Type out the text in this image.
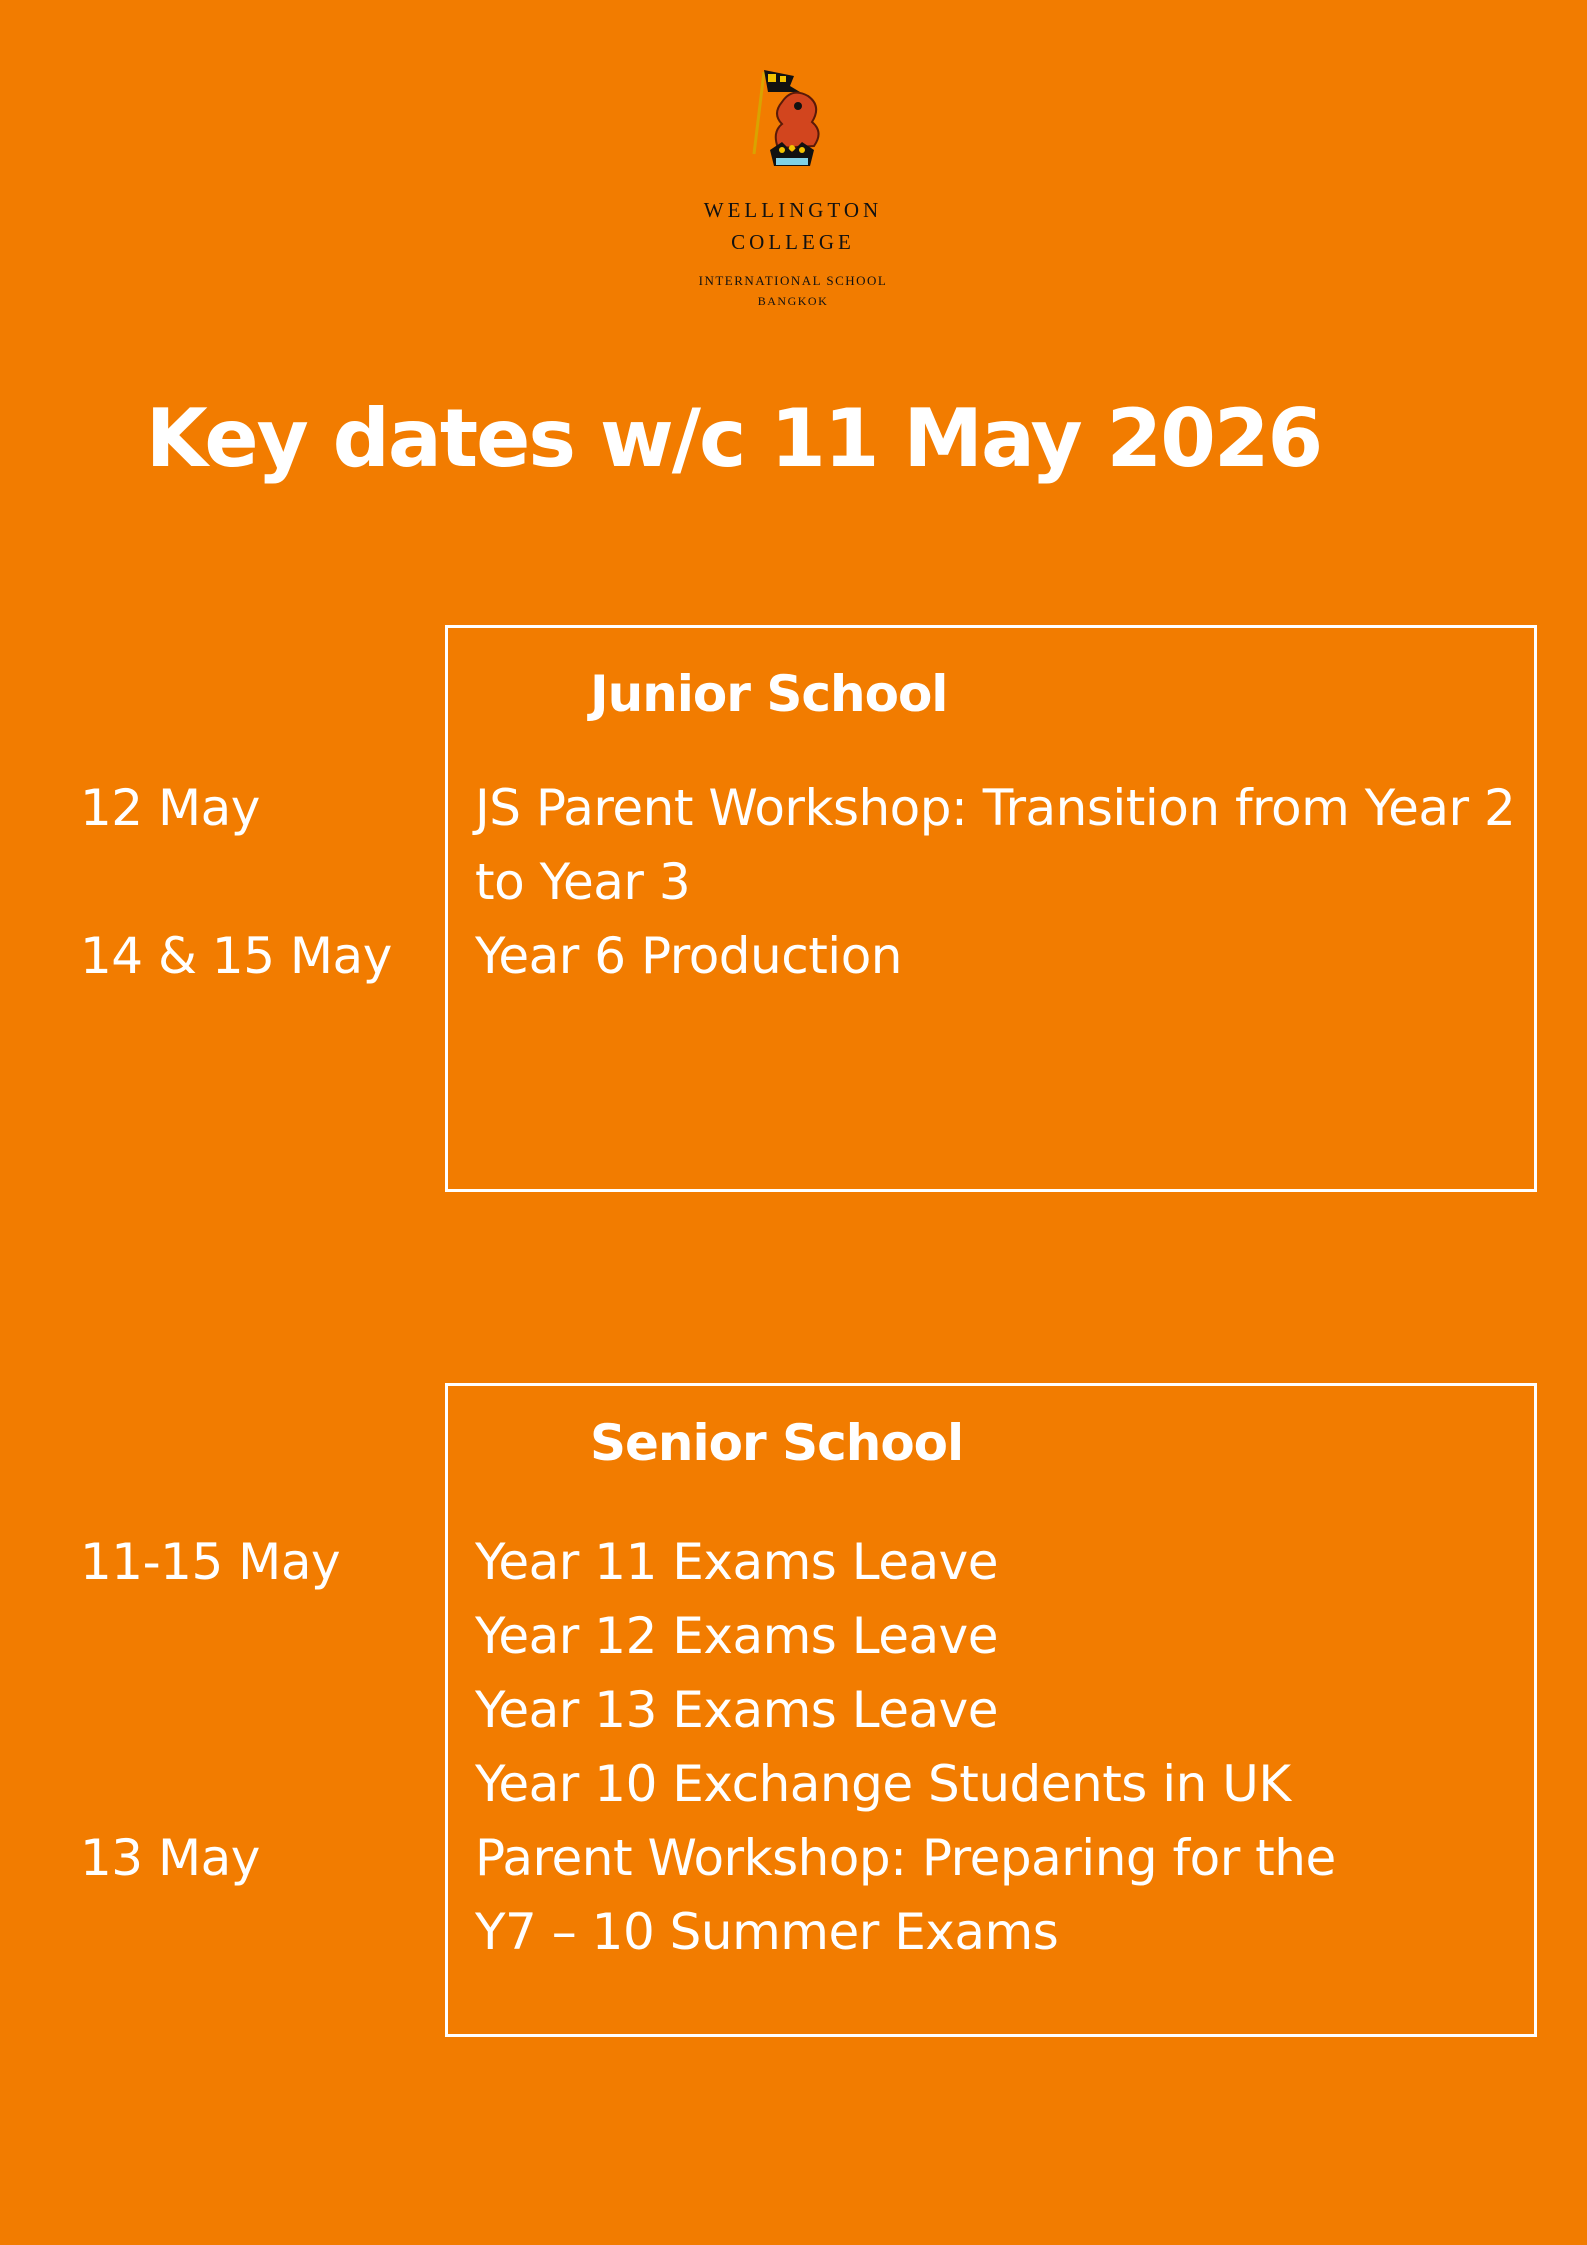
WELLINGTON
COLLEGE
INTERNATIONAL SCHOOL
BANGKOK
Key dates w/c 11 May 2026
Junior School
12 May	JS Parent Workshop: Transition from Year 2
to Year 3
14 & 15 May Year 6 Production
Senior School
11-15 May	Year 11 Exams Leave
Year 12 Exams Leave
Year 13 Exams Leave
Year 10 Exchange Students in UK
13 May	Parent Workshop: Preparing for the
Y7 – 10 Summer Exams
